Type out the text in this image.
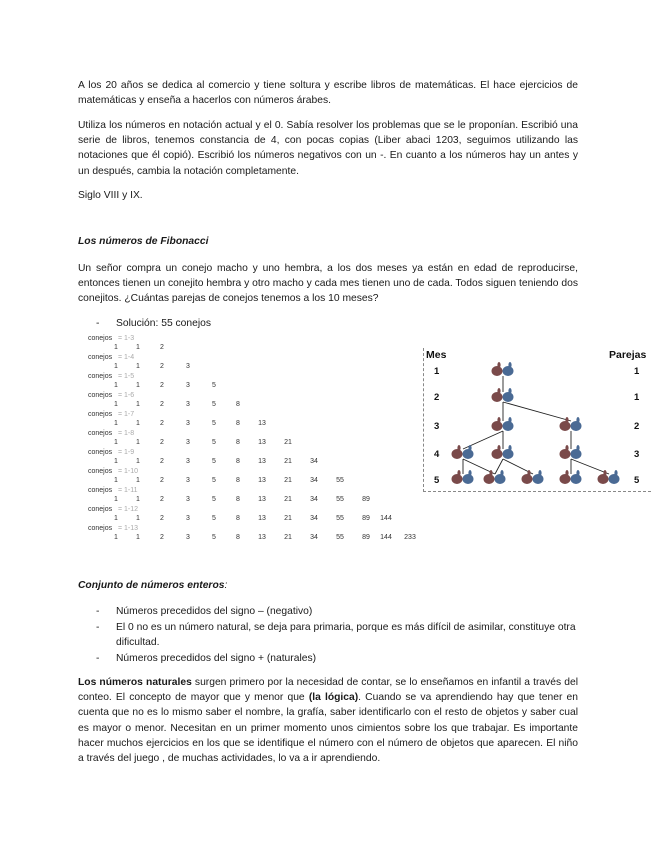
A los 20 años se dedica al comercio y tiene soltura y escribe libros de matemáticas. El hace ejercicios de matemáticas y enseña a hacerlos con números árabes.

Utiliza los números en notación actual y el 0. Sabía resolver los problemas que se le proponían. Escribió una serie de libros, tenemos constancia de 4, con pocas copias (Liber abaci 1203, seguimos utilizando las notaciones que él copió). Escribió los números negativos con un -. En cuanto a los números hay un antes y un después, cambia la notación completamente.

Siglo VIII y IX.

Los números de Fibonacci

Un señor compra un conejo macho y uno hembra, a los dos meses ya están en edad de reproducirse, entonces tienen un conejito hembra y otro macho y cada mes tienen uno de cada. Todos siguen teniendo dos conejitos. ¿Cuántas parejas de conejos tenemos a los 10 meses?

-	Solución: 55 conejos
conejos = 1-3
1	1	2
conejos = 1-4
1	1	2	3
conejos = 1-5
1	1	2	3	5
conejos = 1-6
1	1	2	3	5	8
conejos = 1-7
1	1	2	3	5	8	13
conejos = 1-8
1	1	2	3	5	8	13	21
conejos = 1-9
1	1	2	3	5	8	13	21	34
conejos = 1-10
1	1	2	3	5	8	13	21	34	55
conejos = 1-11
1	1	2	3	5	8	13	21	34	55	89
conejos = 1-12
1	1	2	3	5	8	13	21	34	55	89	144
conejos = 1-13
1	1	2	3	5	8	13	21	34	55	89	144	233
Mes	Parejas
1	1
2	1
3	2
4	3
5	5

Conjunto de números enteros:

-	Números precedidos del signo – (negativo)
-	El 0 no es un número natural, se deja para primaria, porque es más difícil de asimilar, constituye otra dificultad.
-	Números precedidos del signo + (naturales)

Los números naturales surgen primero por la necesidad de contar, se lo enseñamos en infantil a través del conteo. El concepto de mayor que y menor que (la lógica). Cuando se va aprendiendo hay que tener en cuenta que no es lo mismo saber el nombre, la grafía, saber identificarlo con el resto de objetos y saber cual es mayor o menor. Necesitan en un primer momento unos cimientos sobre los que trabajar. Es importante hacer muchos ejercicios en los que se identifique el número con el número de objetos que aparecen. El niño a través del juego , de muchas actividades, lo va a ir aprendiendo.
